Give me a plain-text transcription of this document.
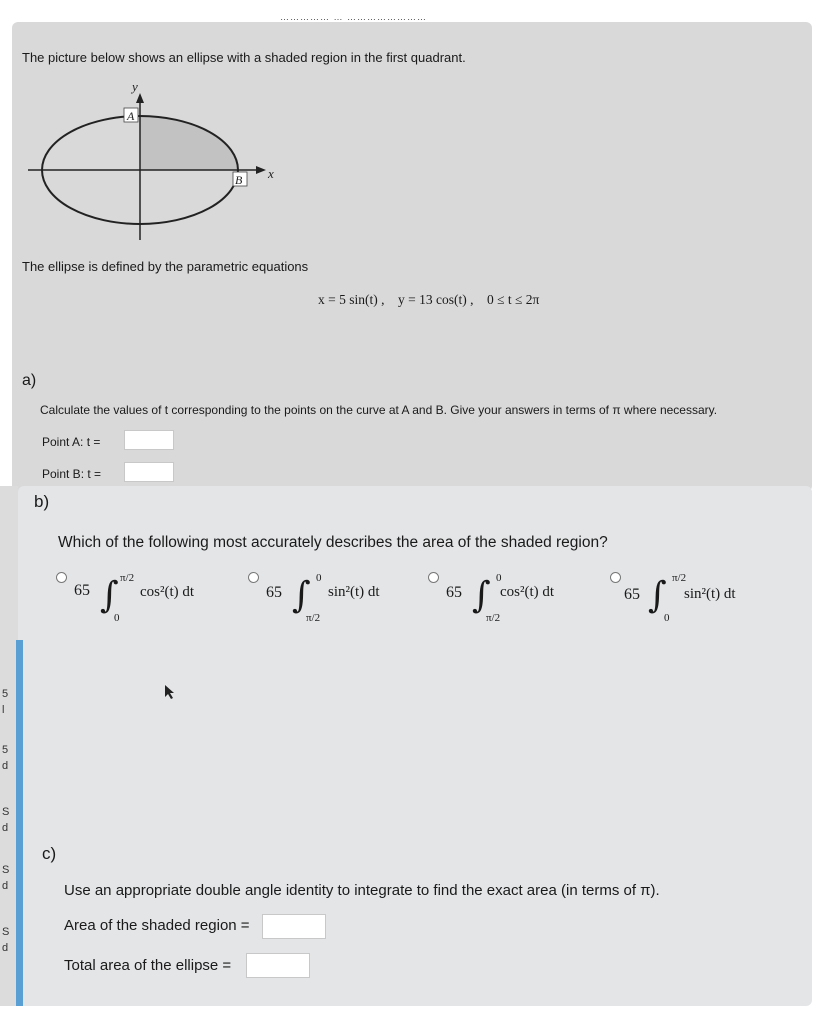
…………… … ……………………
5
l
5
d
S
d
S
d
S
d
The picture below shows an ellipse with a shaded region in the first quadrant.
y
x
A
B
The ellipse is defined by the parametric equations
x = 5 sin(t) ,    y = 13 cos(t) ,    0 ≤ t ≤ 2π
a)
Calculate the values of t corresponding to the points on the curve at A and B. Give your answers in terms of π where necessary.
Point A: t =
Point B: t =
b)
Which of the following most accurately describes the area of the shaded region?
65 ∫ π/2
0
cos²(t) dt	65 ∫ 0
π/2
sin²(t) dt	65 ∫ 0
π/2
cos²(t) dt	65 ∫ π/2
0
sin²(t) dt
c)
Use an appropriate double angle identity to integrate to find the exact area (in terms of π).
Area of the shaded region =
Total area of the ellipse =
